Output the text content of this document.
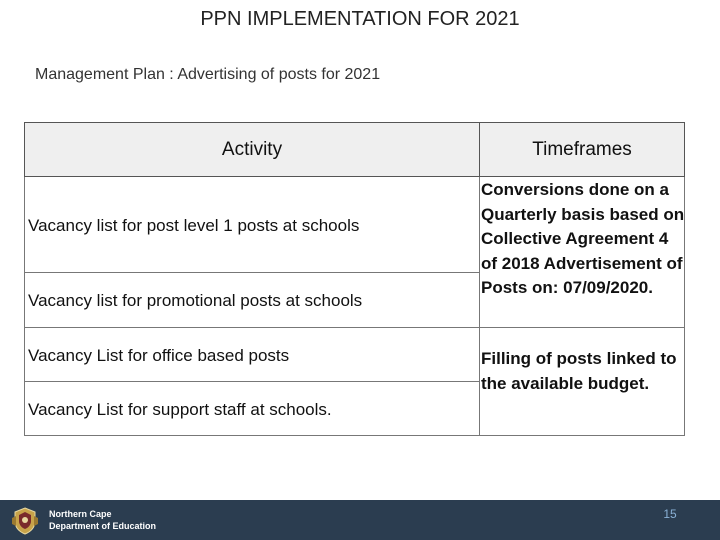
PPN IMPLEMENTATION FOR 2021
Management Plan : Advertising of posts for 2021
Activity	Timeframes
Vacancy list for post level 1 posts at schools
Vacancy list for promotional posts at schools
Vacancy List for office based posts
Vacancy List for support staff at schools.
Conversions done on a Quarterly basis based on Collective Agreement 4 of 2018 Advertisement of Posts on: 07/09/2020.
Filling of posts linked to the available budget.
Northern Cape
Department of Education
15
